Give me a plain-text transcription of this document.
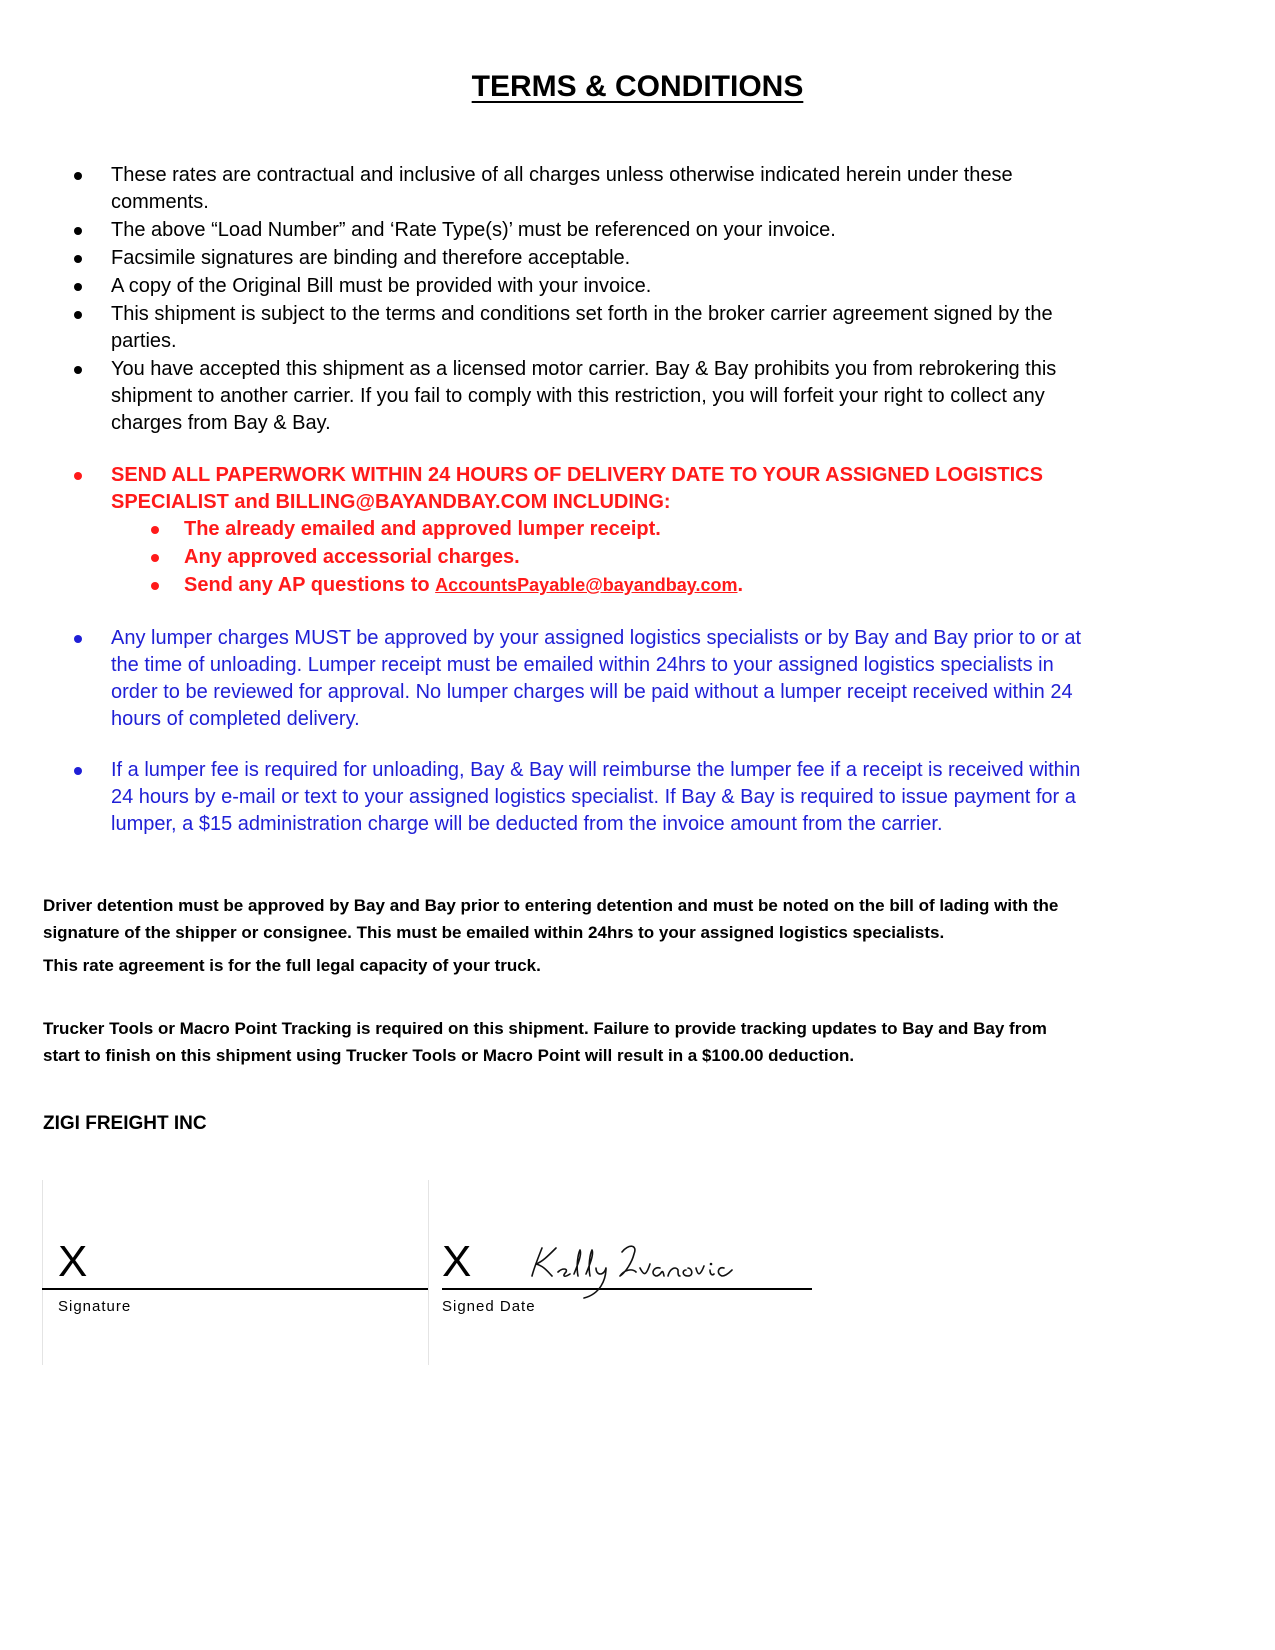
TERMS & CONDITIONS
These rates are contractual and inclusive of all charges unless otherwise indicated herein under these comments.
The above “Load Number” and ‘Rate Type(s)’ must be referenced on your invoice.
Facsimile signatures are binding and therefore acceptable.
A copy of the Original Bill must be provided with your invoice.
This shipment is subject to the terms and conditions set forth in the broker carrier agreement signed by the parties.
You have accepted this shipment as a licensed motor carrier. Bay & Bay prohibits you from rebrokering this shipment to another carrier. If you fail to comply with this restriction, you will forfeit your right to collect any charges from Bay & Bay.
SEND ALL PAPERWORK WITHIN 24 HOURS OF DELIVERY DATE TO YOUR ASSIGNED LOGISTICS SPECIALIST and BILLING@BAYANDBAY.COM INCLUDING:
The already emailed and approved lumper receipt.
Any approved accessorial charges.
Send any AP questions to AccountsPayable@bayandbay.com.
Any lumper charges MUST be approved by your assigned logistics specialists or by Bay and Bay prior to or at the time of unloading. Lumper receipt must be emailed within 24hrs to your assigned logistics specialists in order to be reviewed for approval. No lumper charges will be paid without a lumper receipt received within 24 hours of completed delivery.
If a lumper fee is required for unloading, Bay & Bay will reimburse the lumper fee if a receipt is received within 24 hours by e-mail or text to your assigned logistics specialist. If Bay & Bay is required to issue payment for a lumper, a $15 administration charge will be deducted from the invoice amount from the carrier.
Driver detention must be approved by Bay and Bay prior to entering detention and must be noted on the bill of lading with the signature of the shipper or consignee. This must be emailed within 24hrs to your assigned logistics specialists.
This rate agreement is for the full legal capacity of your truck.
Trucker Tools or Macro Point Tracking is required on this shipment. Failure to provide tracking updates to Bay and Bay from start to finish on this shipment using Trucker Tools or Macro Point will result in a $100.00 deduction.
ZIGI FREIGHT INC
X
Signature
X
Signed Date
